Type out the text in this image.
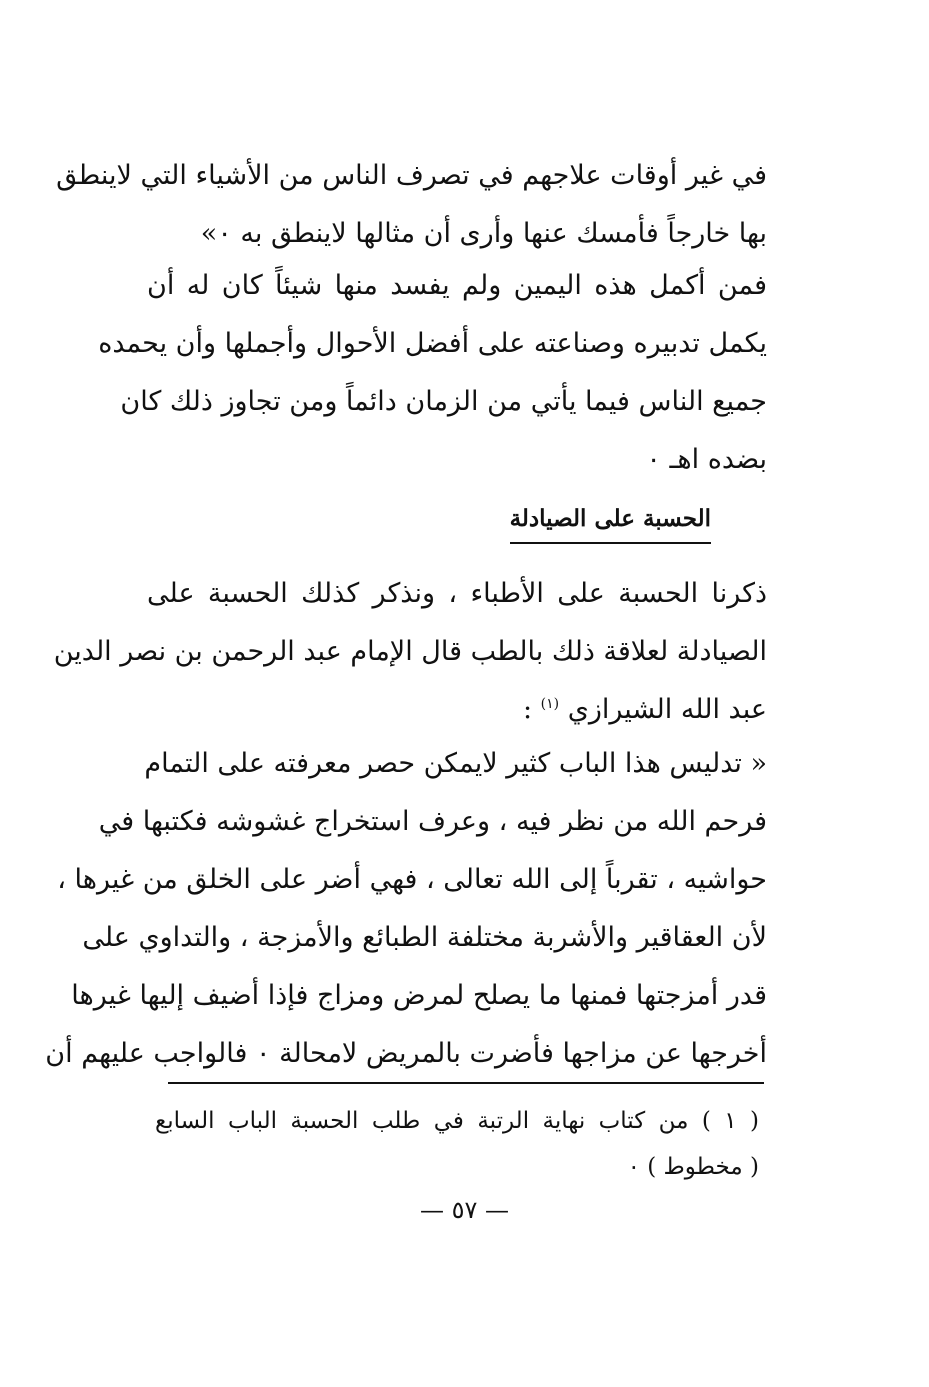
في غير أوقات علاجهم في تصرف الناس من الأشياء التي لاينطق
بها خارجاً فأمسك عنها وأرى أن مثالها لاينطق به ٠»
فمن أكمل هذه اليمين ولم يفسد منها شيئاً كان له أن
يكمل تدبيره وصناعته على أفضل الأحوال وأجملها وأن يحمده
جميع الناس فيما يأتي من الزمان دائماً ومن تجاوز ذلك كان
بضده اهـ ٠
الحسبة على الصيادلة
ذكرنا الحسبة على الأطباء ، ونذكر كذلك الحسبة على
الصيادلة لعلاقة ذلك بالطب قال الإمام عبد الرحمن بن نصر الدين
عبد الله الشيرازي $^{(١)}$ :
« تدليس هذا الباب كثير لايمكن حصر معرفته على التمام
فرحم الله من نظر فيه ، وعرف استخراج غشوشه فكتبها في
حواشيه ، تقرباً إلى الله تعالى ، فهي أضر على الخلق من غيرها ،
لأن العقاقير والأشربة مختلفة الطبائع والأمزجة ، والتداوي على
قدر أمزجتها فمنها ما يصلح لمرض ومزاج فإذا أضيف إليها غيرها
أخرجها عن مزاجها فأضرت بالمريض لامحالة ٠ فالواجب عليهم أن
( ١ ) من كتاب نهاية الرتبة في طلب الحسبة الباب السابع
( مخطوط ) ٠
— ٥٧ —
